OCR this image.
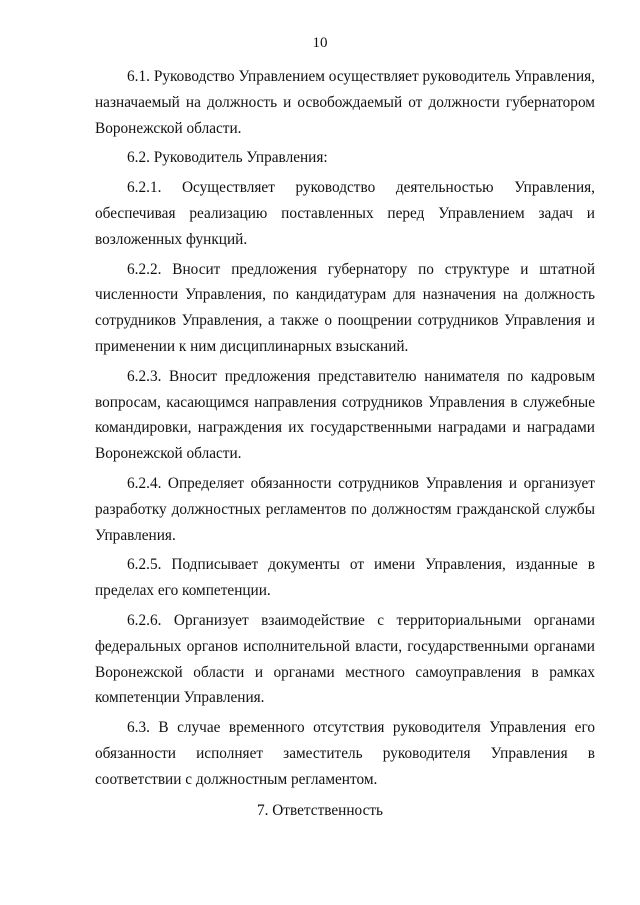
10

6.1. Руководство Управлением осуществляет руководитель Управления, назначаемый на должность и освобождаемый от должности губернатором Воронежской области.

6.2. Руководитель Управления:

6.2.1. Осуществляет руководство деятельностью Управления, обеспечивая реализацию поставленных перед Управлением задач и возложенных функций.

6.2.2. Вносит предложения губернатору по структуре и штатной численности Управления, по кандидатурам для назначения на должность сотрудников Управления, а также о поощрении сотрудников Управления и применении к ним дисциплинарных взысканий.

6.2.3. Вносит предложения представителю нанимателя по кадровым вопросам, касающимся направления сотрудников Управления в служебные командировки, награждения их государственными наградами и наградами Воронежской области.

6.2.4. Определяет обязанности сотрудников Управления и организует разработку должностных регламентов по должностям гражданской службы Управления.

6.2.5. Подписывает документы от имени Управления, изданные в пределах его компетенции.

6.2.6. Организует взаимодействие с территориальными органами федеральных органов исполнительной власти, государственными органами Воронежской области и органами местного самоуправления в рамках компетенции Управления.

6.3. В случае временного отсутствия руководителя Управления его обязанности исполняет заместитель руководителя Управления в соответствии с должностным регламентом.

7. Ответственность
